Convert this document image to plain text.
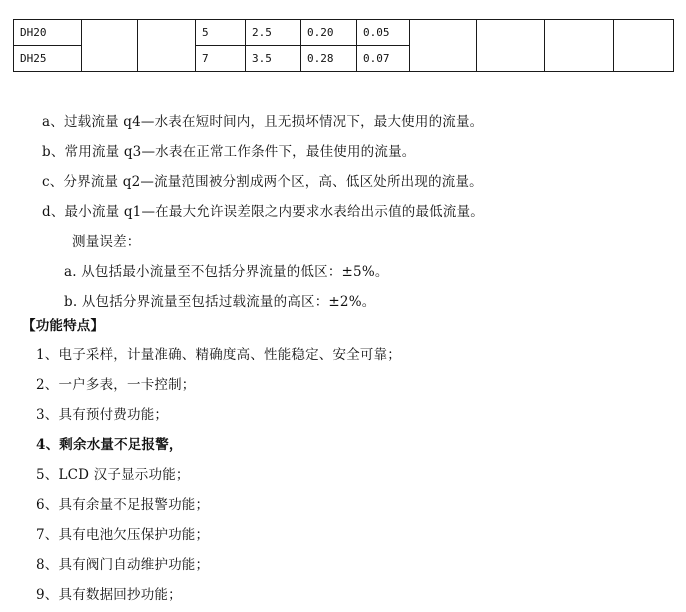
DH20			5	2.5	0.20	0.05				
DH25			7	3.5	0.28	0.07				
a、过载流量 q4—水表在短时间内，且无损坏情况下，最大使用的流量。
b、常用流量 q3—水表在正常工作条件下，最佳使用的流量。
c、分界流量 q2—流量范围被分割成两个区，高、低区处所出现的流量。
d、最小流量 q1—在最大允许误差限之内要求水表给出示值的最低流量。
测量误差：
a. 从包括最小流量至不包括分界流量的低区：±5%。
b. 从包括分界流量至包括过载流量的高区：±2%。
【功能特点】
1、电子采样，计量准确、精确度高、性能稳定、安全可靠；
2、一户多表，一卡控制；
3、具有预付费功能；
4、剩余水量不足报警，
5、LCD 汉子显示功能；
6、具有余量不足报警功能；
7、具有电池欠压保护功能；
8、具有阀门自动维护功能；
9、具有数据回抄功能；
